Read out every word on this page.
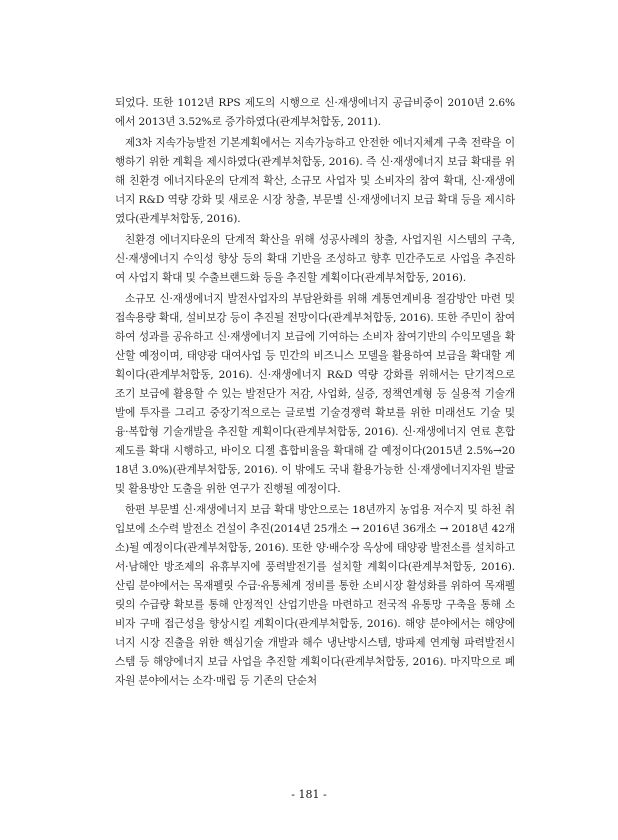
되었다. 또한 1012년 RPS 제도의 시행으로 신·재생에너지 공급비중이 2010년 2.6%에서 2013년 3.52%로 증가하였다(관계부처합동, 2011).

제3차 지속가능발전 기본계획에서는 지속가능하고 안전한 에너지체계 구축 전략을 이행하기 위한 계획을 제시하였다(관계부처합동, 2016). 즉 신·재생에너지 보급 확대를 위해 친환경 에너지타운의 단계적 확산, 소규모 사업자 및 소비자의 참여 확대, 신·재생에너지 R&D 역량 강화 및 새로운 시장 창출, 부문별 신·재생에너지 보급 확대 등을 제시하였다(관계부처합동, 2016).

친환경 에너지타운의 단계적 확산을 위해 성공사례의 창출, 사업지원 시스템의 구축, 신·재생에너지 수익성 향상 등의 확대 기반을 조성하고 향후 민간주도로 사업을 추진하여 사업지 확대 및 수출브랜드화 등을 추진할 계획이다(관계부처합동, 2016).

소규모 신·재생에너지 발전사업자의 부담완화를 위해 계통연계비용 절감방안 마련 및 접속용량 확대, 설비보강 등이 추진될 전망이다(관계부처합동, 2016). 또한 주민이 참여하여 성과를 공유하고 신·재생에너지 보급에 기여하는 소비자 참여기반의 수익모델을 확산할 예정이며, 태양광 대여사업 등 민간의 비즈니스 모델을 활용하여 보급을 확대할 계획이다(관계부처합동, 2016). 신·재생에너지 R&D 역량 강화를 위해서는 단기적으로 조기 보급에 활용할 수 있는 발전단가 저감, 사업화, 실증, 정책연계형 등 실용적 기술개발에 투자를 그리고 중장기적으로는 글로벌 기술경쟁력 확보를 위한 미래선도 기술 및 융·복합형 기술개발을 추진할 계획이다(관계부처합동, 2016). 신·재생에너지 연료 혼합제도를 확대 시행하고, 바이오 디젤 흡합비율을 확대해 갈 예정이다(2015년 2.5%→2018년 3.0%)(관계부처합동, 2016). 이 밖에도 국내 활용가능한 신·재생에너지자원 발굴 및 활용방안 도출을 위한 연구가 진행될 예정이다.

한편 부문별 신·재생에너지 보급 확대 방안으로는 18년까지 농업용 저수지 및 하천 취입보에 소수력 발전소 건설이 추진(2014년 25개소 → 2016년 36개소 → 2018년 42개소)될 예정이다(관계부처합동, 2016). 또한 양·배수장 옥상에 태양광 발전소를 설치하고 서·남해안 방조제의 유휴부지에 풍력발전기를 설치할 계획이다(관계부처합동, 2016). 산림 분야에서는 목재펠릿 수급·유통체계 정비를 통한 소비시장 활성화를 위하여 목재펠릿의 수급량 확보를 통해 안정적인 산업기반을 마련하고 전국적 유통망 구축을 통해 소비자 구매 접근성을 향상시킬 계획이다(관계부처합동, 2016). 해양 분야에서는 해양에너지 시장 진출을 위한 핵심기술 개발과 해수 냉난방시스템, 방파제 연계형 파력발전시스템 등 해양에너지 보급 사업을 추진할 계획이다(관계부처합동, 2016). 마지막으로 폐자원 분야에서는 소각·매립 등 기존의 단순처

- 181 -
